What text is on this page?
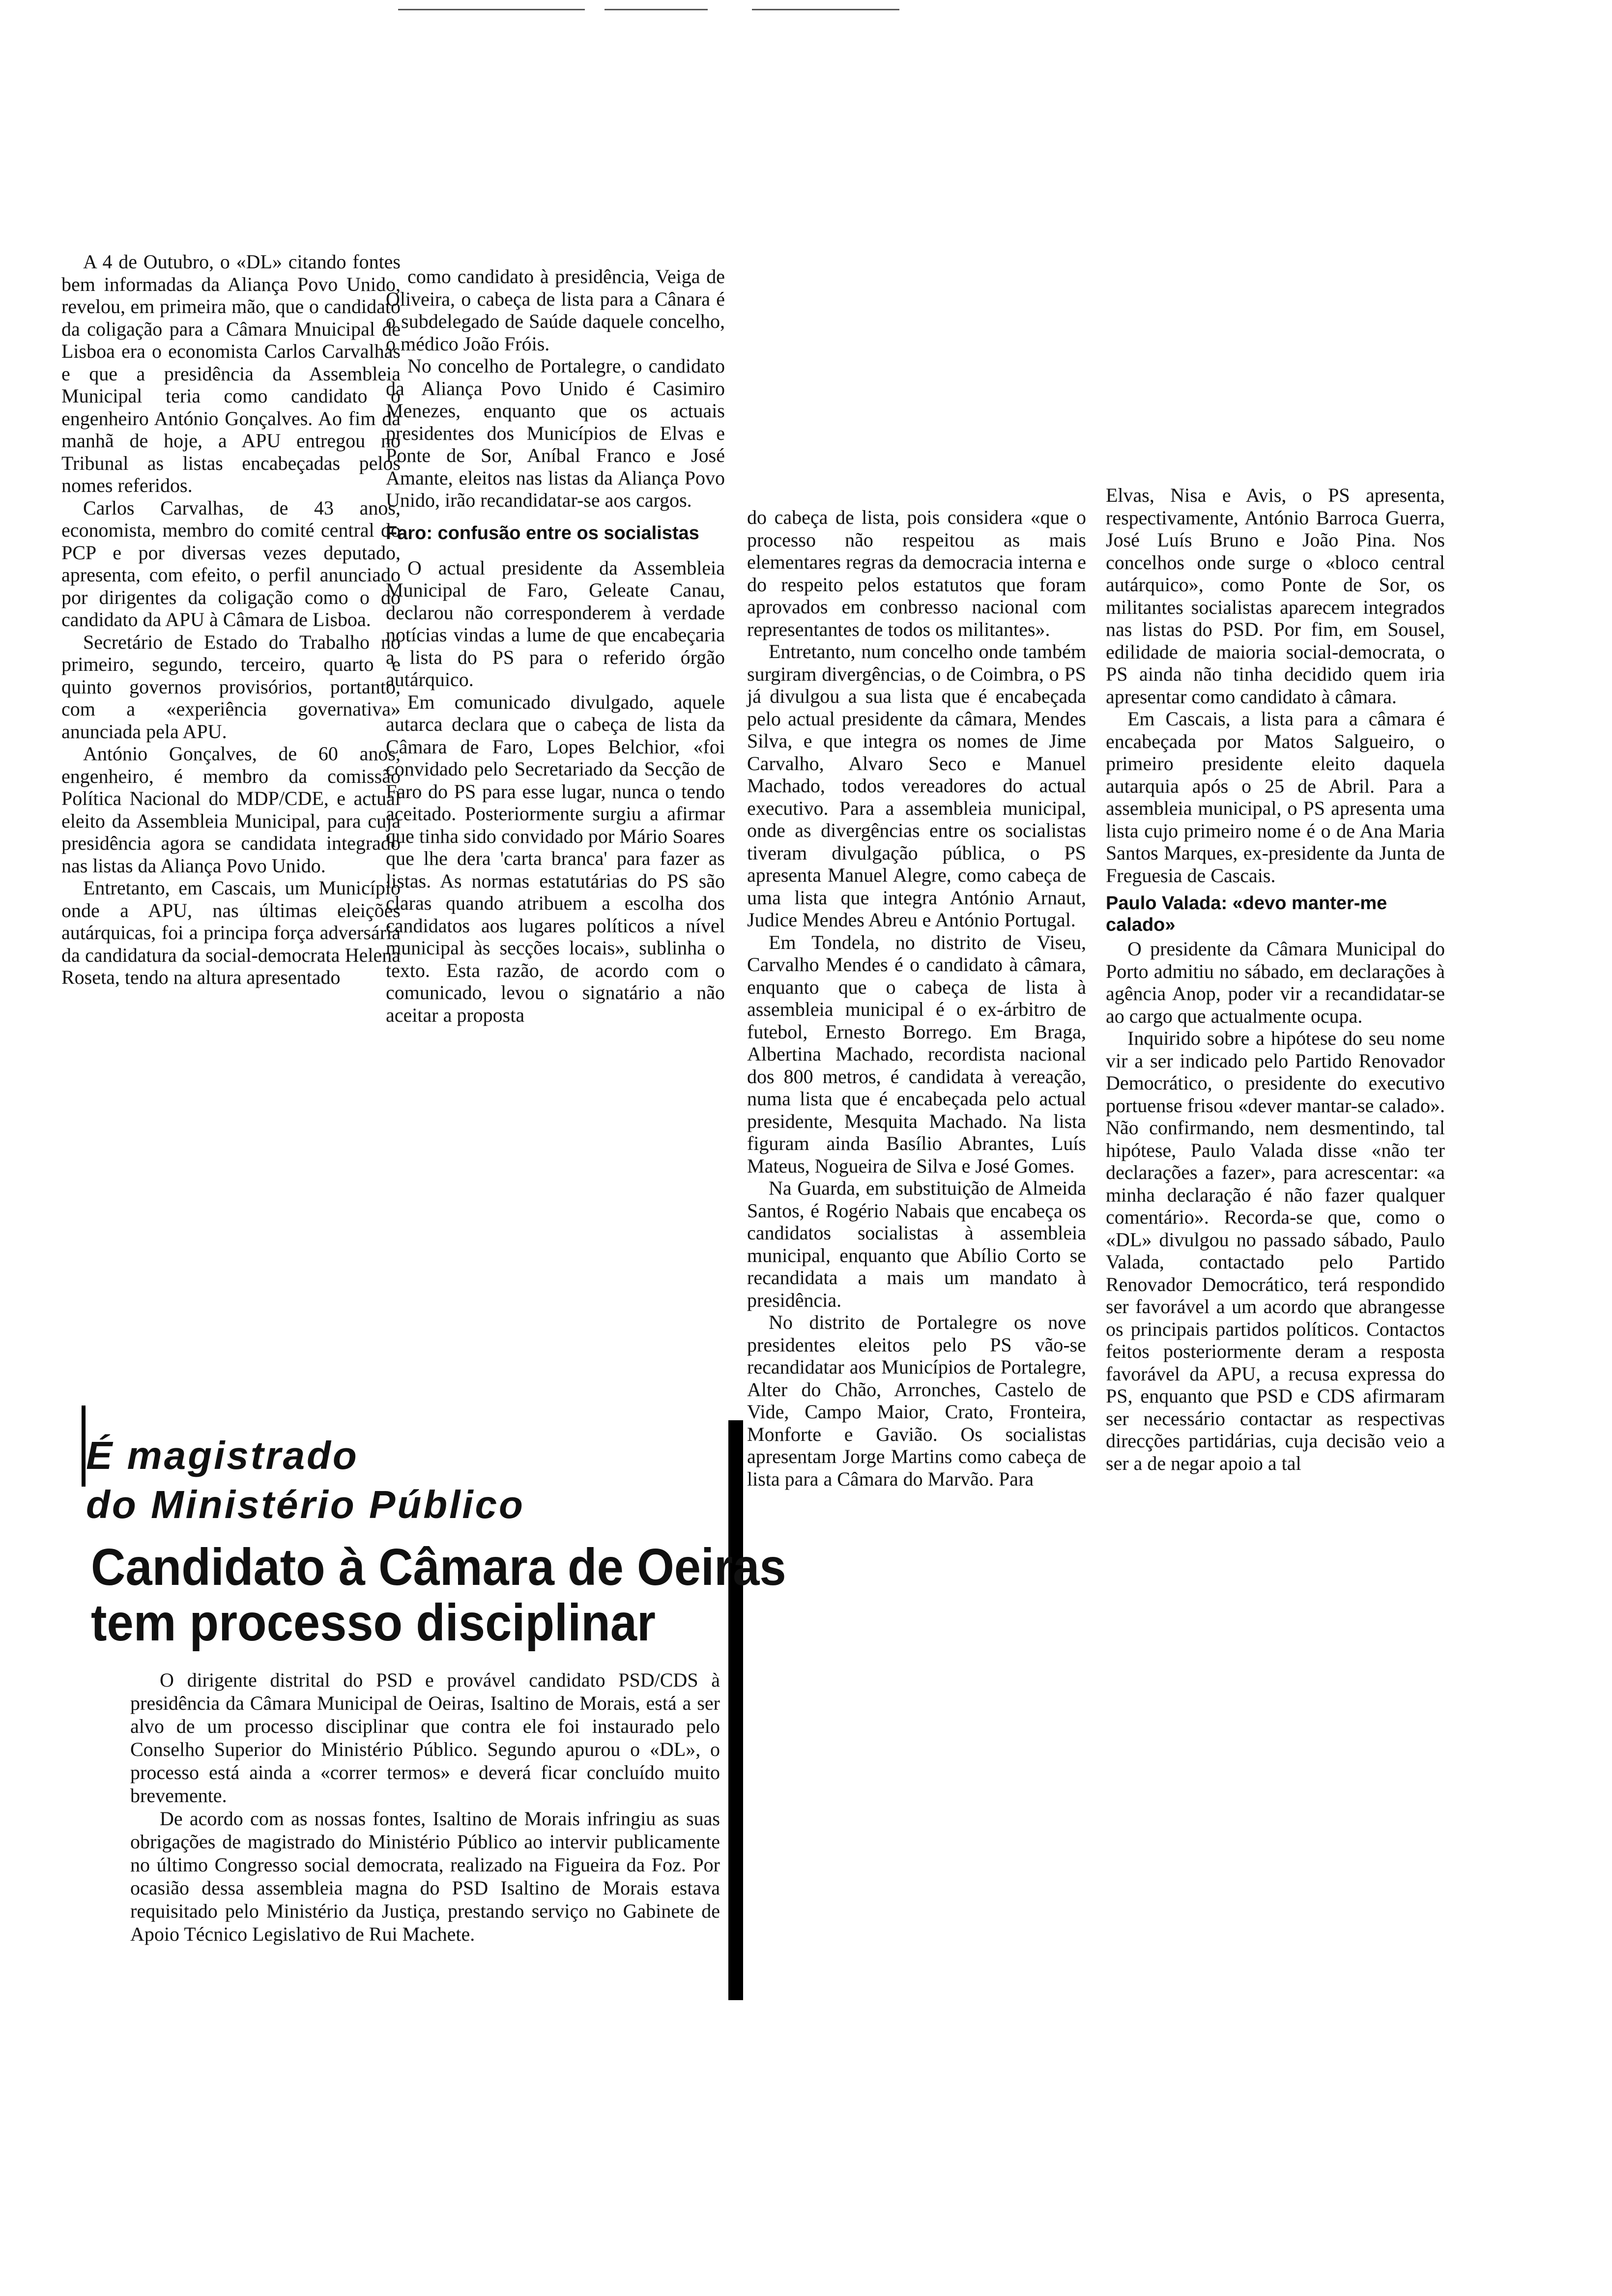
A 4 de Outubro, o «DL» citando fontes bem informadas da Aliança Povo Unido, revelou, em primeira mão, que o candidato da coligação para a Câmara Mnuicipal de Lisboa era o economista Carlos Carvalhas e que a presidência da Assembleia Municipal teria como candidato o engenheiro António Gonçalves. Ao fim da manhã de hoje, a APU entregou no Tribunal as listas encabeçadas pelos nomes referidos.

Carlos Carvalhas, de 43 anos, economista, membro do comité central do PCP e por diversas vezes deputado, apresenta, com efeito, o perfil anunciado por dirigentes da coligação como o do candidato da APU à Câmara de Lisboa.

Secretário de Estado do Trabalho no primeiro, segundo, terceiro, quarto e quinto governos provisórios, portanto, com a «experiência governativa» anunciada pela APU.

António Gonçalves, de 60 anos, engenheiro, é membro da comissão Política Nacional do MDP/CDE, e actual eleito da Assembleia Municipal, para cuja presidência agora se candidata integrado nas listas da Aliança Povo Unido.

Entretanto, em Cascais, um Município onde a APU, nas últimas eleições autárquicas, foi a principa força adversária da candidatura da social-democrata Helena Roseta, tendo na altura apresentado

como candidato à presidência, Veiga de Oliveira, o cabeça de lista para a Cânara é o subdelegado de Saúde daquele concelho, o médico João Fróis.

No concelho de Portalegre, o candidato da Aliança Povo Unido é Casimiro Menezes, enquanto que os actuais presidentes dos Municípios de Elvas e Ponte de Sor, Aníbal Franco e José Amante, eleitos nas listas da Aliança Povo Unido, irão recandidatar-se aos cargos.

Faro: confusão entre os socialistas

O actual presidente da Assembleia Municipal de Faro, Geleate Canau, declarou não corresponderem à verdade notícias vindas a lume de que encabeçaria a lista do PS para o referido órgão autárquico.

Em comunicado divulgado, aquele autarca declara que o cabeça de lista da Câmara de Faro, Lopes Belchior, «foi convidado pelo Secretariado da Secção de Faro do PS para esse lugar, nunca o tendo aceitado. Posteriormente surgiu a afirmar que tinha sido convidado por Mário Soares que lhe dera 'carta branca' para fazer as listas. As normas estatutárias do PS são claras quando atribuem a escolha dos candidatos aos lugares políticos a nível municipal às secções locais», sublinha o texto. Esta razão, de acordo com o comunicado, levou o signatário a não aceitar a proposta

do cabeça de lista, pois considera «que o processo não respeitou as mais elementares regras da democracia interna e do respeito pelos estatutos que foram aprovados em conbresso nacional com representantes de todos os militantes».

Entretanto, num concelho onde também surgiram divergências, o de Coimbra, o PS já divulgou a sua lista que é encabeçada pelo actual presidente da câmara, Mendes Silva, e que integra os nomes de Jime Carvalho, Alvaro Seco e Manuel Machado, todos vereadores do actual executivo. Para a assembleia municipal, onde as divergências entre os socialistas tiveram divulgação pública, o PS apresenta Manuel Alegre, como cabeça de uma lista que integra António Arnaut, Judice Mendes Abreu e António Portugal.

Em Tondela, no distrito de Viseu, Carvalho Mendes é o candidato à câmara, enquanto que o cabeça de lista à assembleia municipal é o ex-árbitro de futebol, Ernesto Borrego. Em Braga, Albertina Machado, recordista nacional dos 800 metros, é candidata à vereação, numa lista que é encabeçada pelo actual presidente, Mesquita Machado. Na lista figuram ainda Basílio Abrantes, Luís Mateus, Nogueira de Silva e José Gomes.

Na Guarda, em substituição de Almeida Santos, é Rogério Nabais que encabeça os candidatos socialistas à assembleia municipal, enquanto que Abílio Corto se recandidata a mais um mandato à presidência.

No distrito de Portalegre os nove presidentes eleitos pelo PS vão-se recandidatar aos Municípios de Portalegre, Alter do Chão, Arronches, Castelo de Vide, Campo Maior, Crato, Fronteira, Monforte e Gavião. Os socialistas apresentam Jorge Martins como cabeça de lista para a Câmara do Marvão. Para

Elvas, Nisa e Avis, o PS apresenta, respectivamente, António Barroca Guerra, José Luís Bruno e João Pina. Nos concelhos onde surge o «bloco central autárquico», como Ponte de Sor, os militantes socialistas aparecem integrados nas listas do PSD. Por fim, em Sousel, edilidade de maioria social-democrata, o PS ainda não tinha decidido quem iria apresentar como candidato à câmara.

Em Cascais, a lista para a câmara é encabeçada por Matos Salgueiro, o primeiro presidente eleito daquela autarquia após o 25 de Abril. Para a assembleia municipal, o PS apresenta uma lista cujo primeiro nome é o de Ana Maria Santos Marques, ex-presidente da Junta de Freguesia de Cascais.

Paulo Valada: «devo manter-me calado»

O presidente da Câmara Municipal do Porto admitiu no sábado, em declarações à agência Anop, poder vir a recandidatar-se ao cargo que actualmente ocupa.

Inquirido sobre a hipótese do seu nome vir a ser indicado pelo Partido Renovador Democrático, o presidente do executivo portuense frisou «dever mantar-se calado». Não confirmando, nem desmentindo, tal hipótese, Paulo Valada disse «não ter declarações a fazer», para acrescentar: «a minha declaração é não fazer qualquer comentário». Recorda-se que, como o «DL» divulgou no passado sábado, Paulo Valada, contactado pelo Partido Renovador Democrático, terá respondido ser favorável a um acordo que abrangesse os principais partidos políticos. Contactos feitos posteriormente deram a resposta favorável da APU, a recusa expressa do PS, enquanto que PSD e CDS afirmaram ser necessário contactar as respectivas direcções partidárias, cuja decisão veio a ser a de negar apoio a tal

É magistrado
do Ministério Público
Candidato à Câmara de Oeiras
tem processo disciplinar

O dirigente distrital do PSD e provável candidato PSD/CDS à presidência da Câmara Municipal de Oeiras, Isaltino de Morais, está a ser alvo de um processo disciplinar que contra ele foi instaurado pelo Conselho Superior do Ministério Público. Segundo apurou o «DL», o processo está ainda a «correr termos» e deverá ficar concluído muito brevemente.

De acordo com as nossas fontes, Isaltino de Morais infringiu as suas obrigações de magistrado do Ministério Público ao intervir publicamente no último Congresso social democrata, realizado na Figueira da Foz. Por ocasião dessa assembleia magna do PSD Isaltino de Morais estava requisitado pelo Ministério da Justiça, prestando serviço no Gabinete de Apoio Técnico Legislativo de Rui Machete.
